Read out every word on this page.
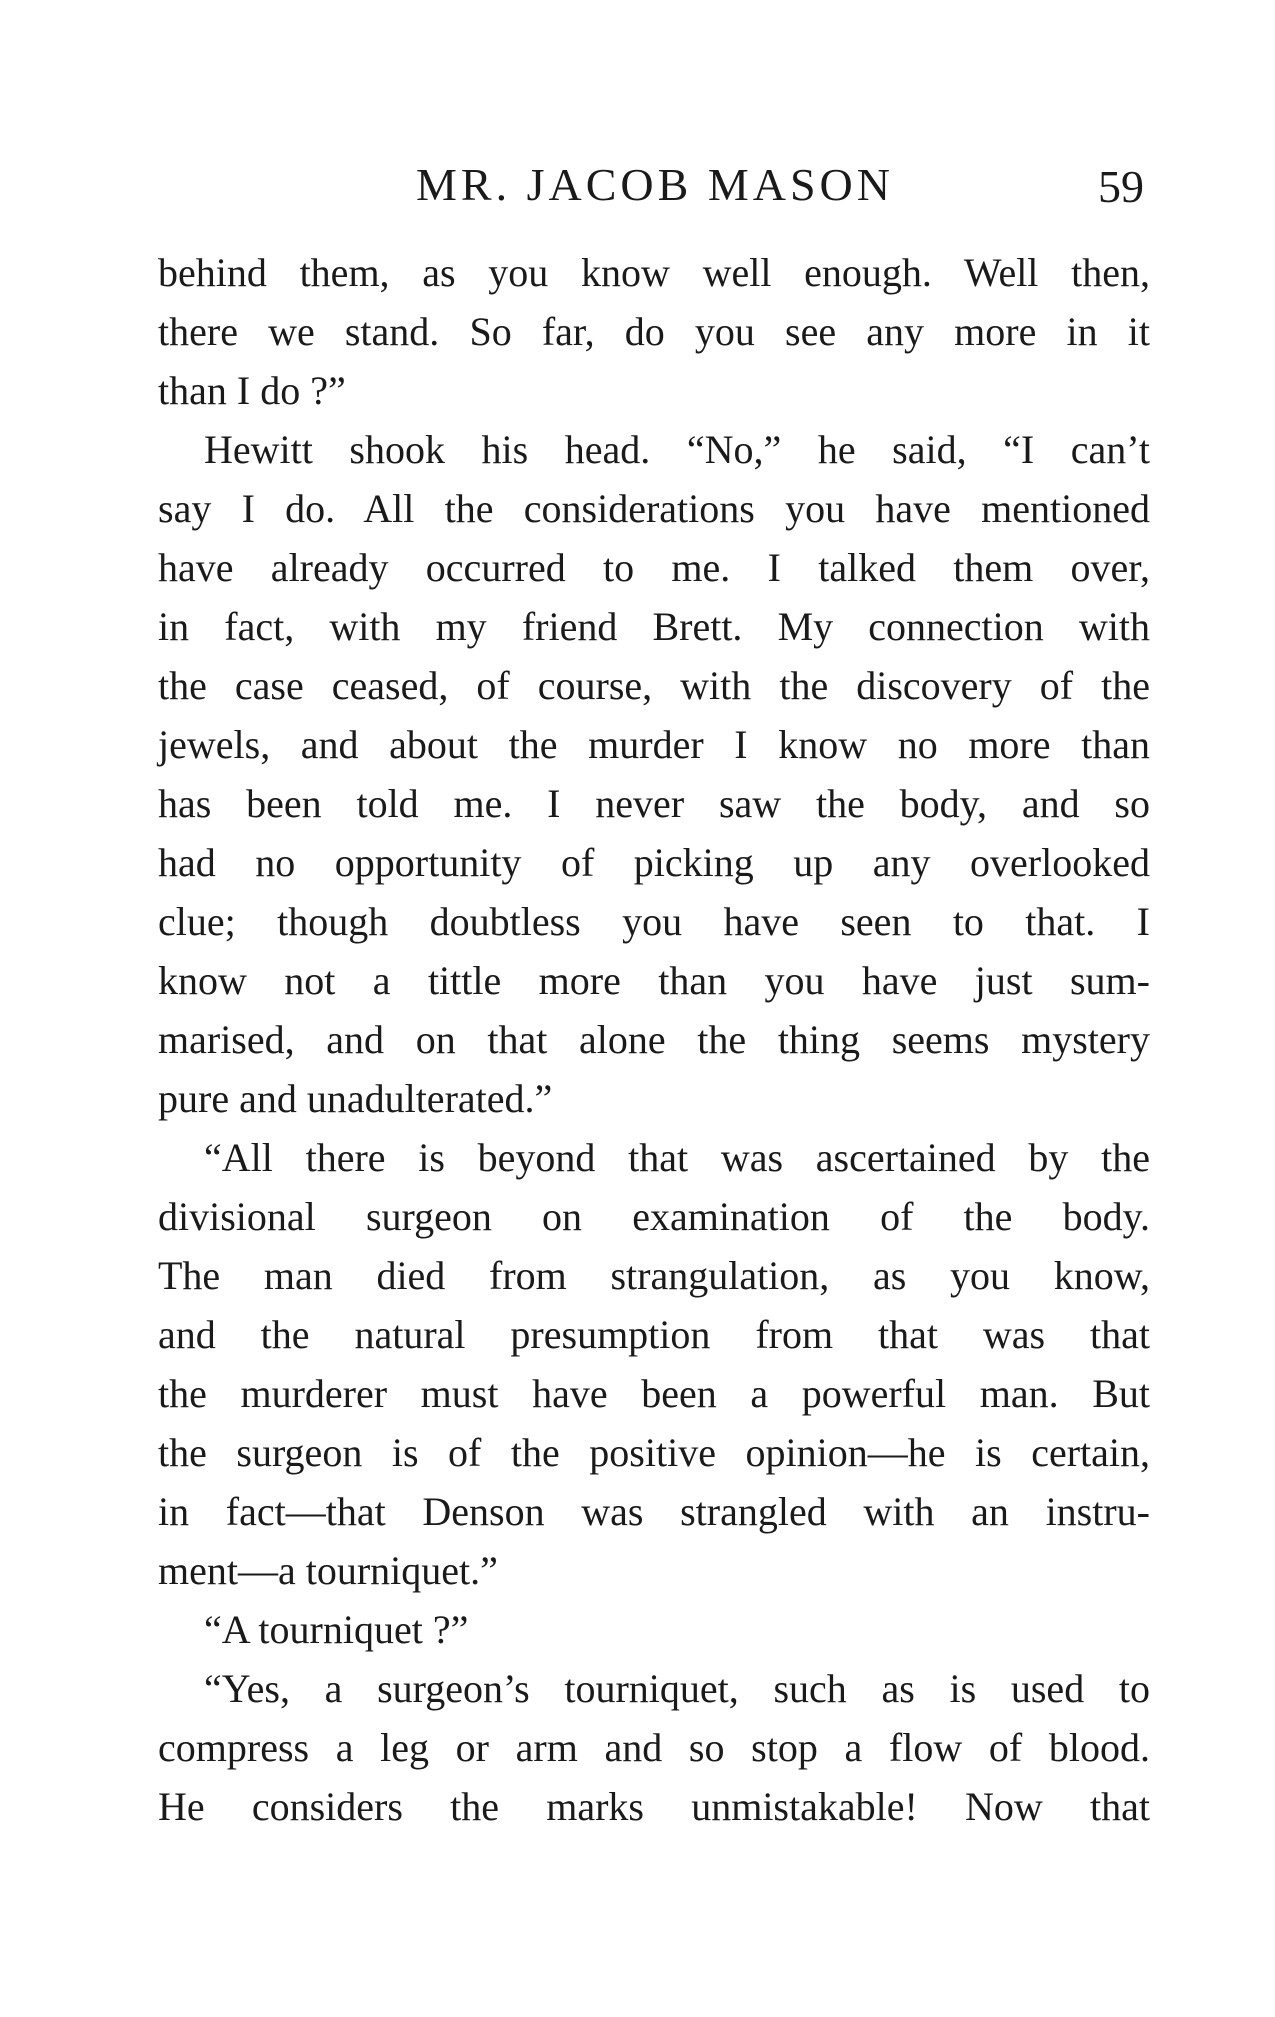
MR. JACOB MASON	59
behind them, as you know well enough. Well then,
there we stand. So far, do you see any more in it
than I do ?”
Hewitt shook his head. “No,” he said, “I can’t
say I do. All the considerations you have mentioned
have already occurred to me. I talked them over,
in fact, with my friend Brett. My connection with
the case ceased, of course, with the discovery of the
jewels, and about the murder I know no more than
has been told me. I never saw the body, and so
had no opportunity of picking up any overlooked
clue; though doubtless you have seen to that. I
know not a tittle more than you have just sum-
marised, and on that alone the thing seems mystery
pure and unadulterated.”
“All there is beyond that was ascertained by the
divisional surgeon on examination of the body.
The man died from strangulation, as you know,
and the natural presumption from that was that
the murderer must have been a powerful man. But
the surgeon is of the positive opinion—he is certain,
in fact—that Denson was strangled with an instru-
ment—a tourniquet.”
“A tourniquet ?”
“Yes, a surgeon’s tourniquet, such as is used to
compress a leg or arm and so stop a flow of blood.
He considers the marks unmistakable! Now that
